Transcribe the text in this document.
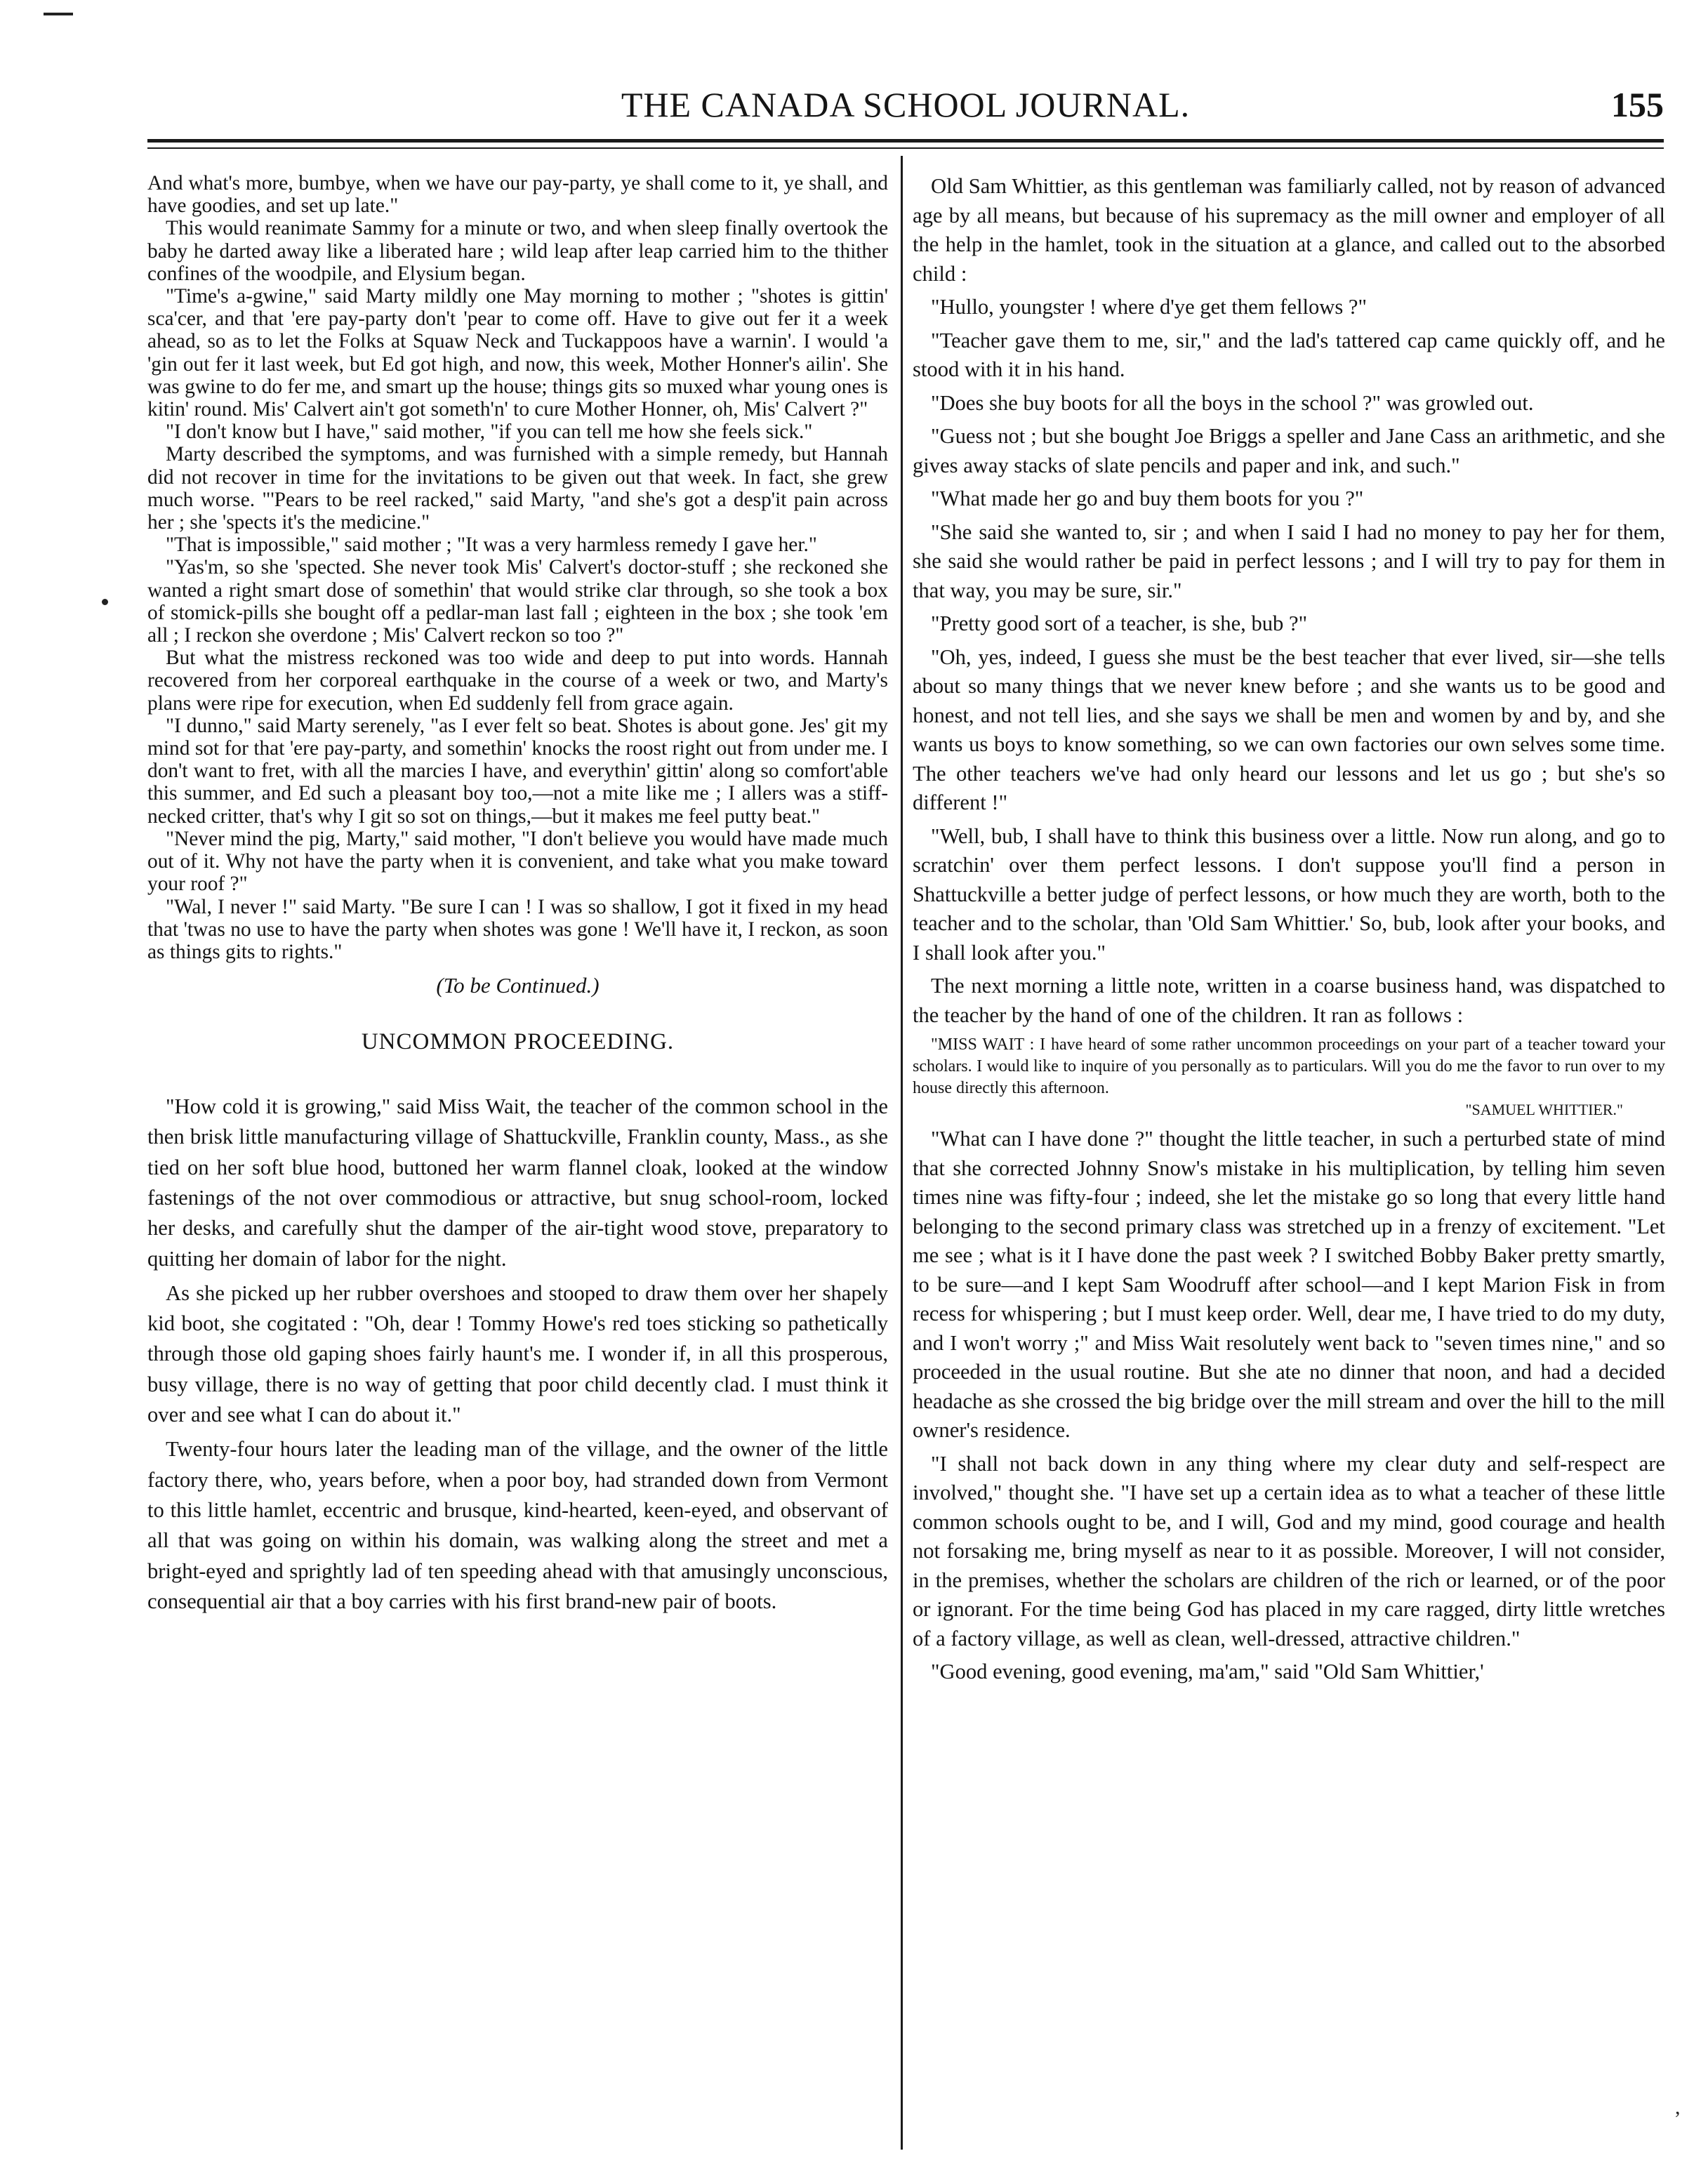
THE CANADA SCHOOL JOURNAL.	155

And what's more, bumbye, when we have our pay-party, ye shall come to it, ye shall, and have goodies, and set up late."

This would reanimate Sammy for a minute or two, and when sleep finally overtook the baby he darted away like a liberated hare ; wild leap after leap carried him to the thither confines of the woodpile, and Elysium began.

"Time's a-gwine," said Marty mildly one May morning to mother ; "shotes is gittin' sca'cer, and that 'ere pay-party don't 'pear to come off. Have to give out fer it a week ahead, so as to let the Folks at Squaw Neck and Tuckappoos have a warnin'. I would 'a 'gin out fer it last week, but Ed got high, and now, this week, Mother Honner's ailin'. She was gwine to do fer me, and smart up the house; things gits so muxed whar young ones is kitin' round. Mis' Calvert ain't got someth'n' to cure Mother Honner, oh, Mis' Calvert ?"

"I don't know but I have," said mother, "if you can tell me how she feels sick."

Marty described the symptoms, and was furnished with a simple remedy, but Hannah did not recover in time for the invitations to be given out that week. In fact, she grew much worse. "'Pears to be reel racked," said Marty, "and she's got a desp'it pain across her ; she 'spects it's the medicine."

"That is impossible," said mother ; "It was a very harmless remedy I gave her."

"Yas'm, so she 'spected. She never took Mis' Calvert's doctor-stuff ; she reckoned she wanted a right smart dose of somethin' that would strike clar through, so she took a box of stomick-pills she bought off a pedlar-man last fall ; eighteen in the box ; she took 'em all ; I reckon she overdone ; Mis' Calvert reckon so too ?"

But what the mistress reckoned was too wide and deep to put into words. Hannah recovered from her corporeal earthquake in the course of a week or two, and Marty's plans were ripe for execution, when Ed suddenly fell from grace again.

"I dunno," said Marty serenely, "as I ever felt so beat. Shotes is about gone. Jes' git my mind sot for that 'ere pay-party, and somethin' knocks the roost right out from under me. I don't want to fret, with all the marcies I have, and everythin' gittin' along so comfort'able this summer, and Ed such a pleasant boy too,—not a mite like me ; I allers was a stiff-necked critter, that's why I git so sot on things,—but it makes me feel putty beat."

"Never mind the pig, Marty," said mother, "I don't believe you would have made much out of it. Why not have the party when it is convenient, and take what you make toward your roof ?"

"Wal, I never !" said Marty. "Be sure I can ! I was so shallow, I got it fixed in my head that 'twas no use to have the party when shotes was gone ! We'll have it, I reckon, as soon as things gits to rights."

(To be Continued.)
UNCOMMON PROCEEDING.

"How cold it is growing," said Miss Wait, the teacher of the common school in the then brisk little manufacturing village of Shattuckville, Franklin county, Mass., as she tied on her soft blue hood, buttoned her warm flannel cloak, looked at the window fastenings of the not over commodious or attractive, but snug school-room, locked her desks, and carefully shut the damper of the air-tight wood stove, preparatory to quitting her domain of labor for the night.

As she picked up her rubber overshoes and stooped to draw them over her shapely kid boot, she cogitated : "Oh, dear ! Tommy Howe's red toes sticking so pathetically through those old gaping shoes fairly haunt's me. I wonder if, in all this prosperous, busy village, there is no way of getting that poor child decently clad. I must think it over and see what I can do about it."

Twenty-four hours later the leading man of the village, and the owner of the little factory there, who, years before, when a poor boy, had stranded down from Vermont to this little hamlet, eccentric and brusque, kind-hearted, keen-eyed, and observant of all that was going on within his domain, was walking along the street and met a bright-eyed and sprightly lad of ten speeding ahead with that amusingly unconscious, consequential air that a boy carries with his first brand-new pair of boots.

Old Sam Whittier, as this gentleman was familiarly called, not by reason of advanced age by all means, but because of his supremacy as the mill owner and employer of all the help in the hamlet, took in the situation at a glance, and called out to the absorbed child :

"Hullo, youngster ! where d'ye get them fellows ?"

"Teacher gave them to me, sir," and the lad's tattered cap came quickly off, and he stood with it in his hand.

"Does she buy boots for all the boys in the school ?" was growled out.

"Guess not ; but she bought Joe Briggs a speller and Jane Cass an arithmetic, and she gives away stacks of slate pencils and paper and ink, and such."

"What made her go and buy them boots for you ?"

"She said she wanted to, sir ; and when I said I had no money to pay her for them, she said she would rather be paid in perfect lessons ; and I will try to pay for them in that way, you may be sure, sir."

"Pretty good sort of a teacher, is she, bub ?"

"Oh, yes, indeed, I guess she must be the best teacher that ever lived, sir—she tells about so many things that we never knew before ; and she wants us to be good and honest, and not tell lies, and she says we shall be men and women by and by, and she wants us boys to know something, so we can own factories our own selves some time. The other teachers we've had only heard our lessons and let us go ; but she's so different !"

"Well, bub, I shall have to think this business over a little. Now run along, and go to scratchin' over them perfect lessons. I don't suppose you'll find a person in Shattuckville a better judge of perfect lessons, or how much they are worth, both to the teacher and to the scholar, than 'Old Sam Whittier.' So, bub, look after your books, and I shall look after you."

The next morning a little note, written in a coarse business hand, was dispatched to the teacher by the hand of one of the children. It ran as follows :

"MISS WAIT : I have heard of some rather uncommon proceedings on your part of a teacher toward your scholars. I would like to inquire of you personally as to particulars. Will you do me the favor to run over to my house directly this afternoon.

"SAMUEL WHITTIER."

"What can I have done ?" thought the little teacher, in such a perturbed state of mind that she corrected Johnny Snow's mistake in his multiplication, by telling him seven times nine was fifty-four ; indeed, she let the mistake go so long that every little hand belonging to the second primary class was stretched up in a frenzy of excitement. "Let me see ; what is it I have done the past week ? I switched Bobby Baker pretty smartly, to be sure—and I kept Sam Woodruff after school—and I kept Marion Fisk in from recess for whispering ; but I must keep order. Well, dear me, I have tried to do my duty, and I won't worry ;" and Miss Wait resolutely went back to "seven times nine," and so proceeded in the usual routine. But she ate no dinner that noon, and had a decided headache as she crossed the big bridge over the mill stream and over the hill to the mill owner's residence.

"I shall not back down in any thing where my clear duty and self-respect are involved," thought she. "I have set up a certain idea as to what a teacher of these little common schools ought to be, and I will, God and my mind, good courage and health not forsaking me, bring myself as near to it as possible. Moreover, I will not consider, in the premises, whether the scholars are children of the rich or learned, or of the poor or ignorant. For the time being God has placed in my care ragged, dirty little wretches of a factory village, as well as clean, well-dressed, attractive children."

"Good evening, good evening, ma'am," said "Old Sam Whittier,'

,
